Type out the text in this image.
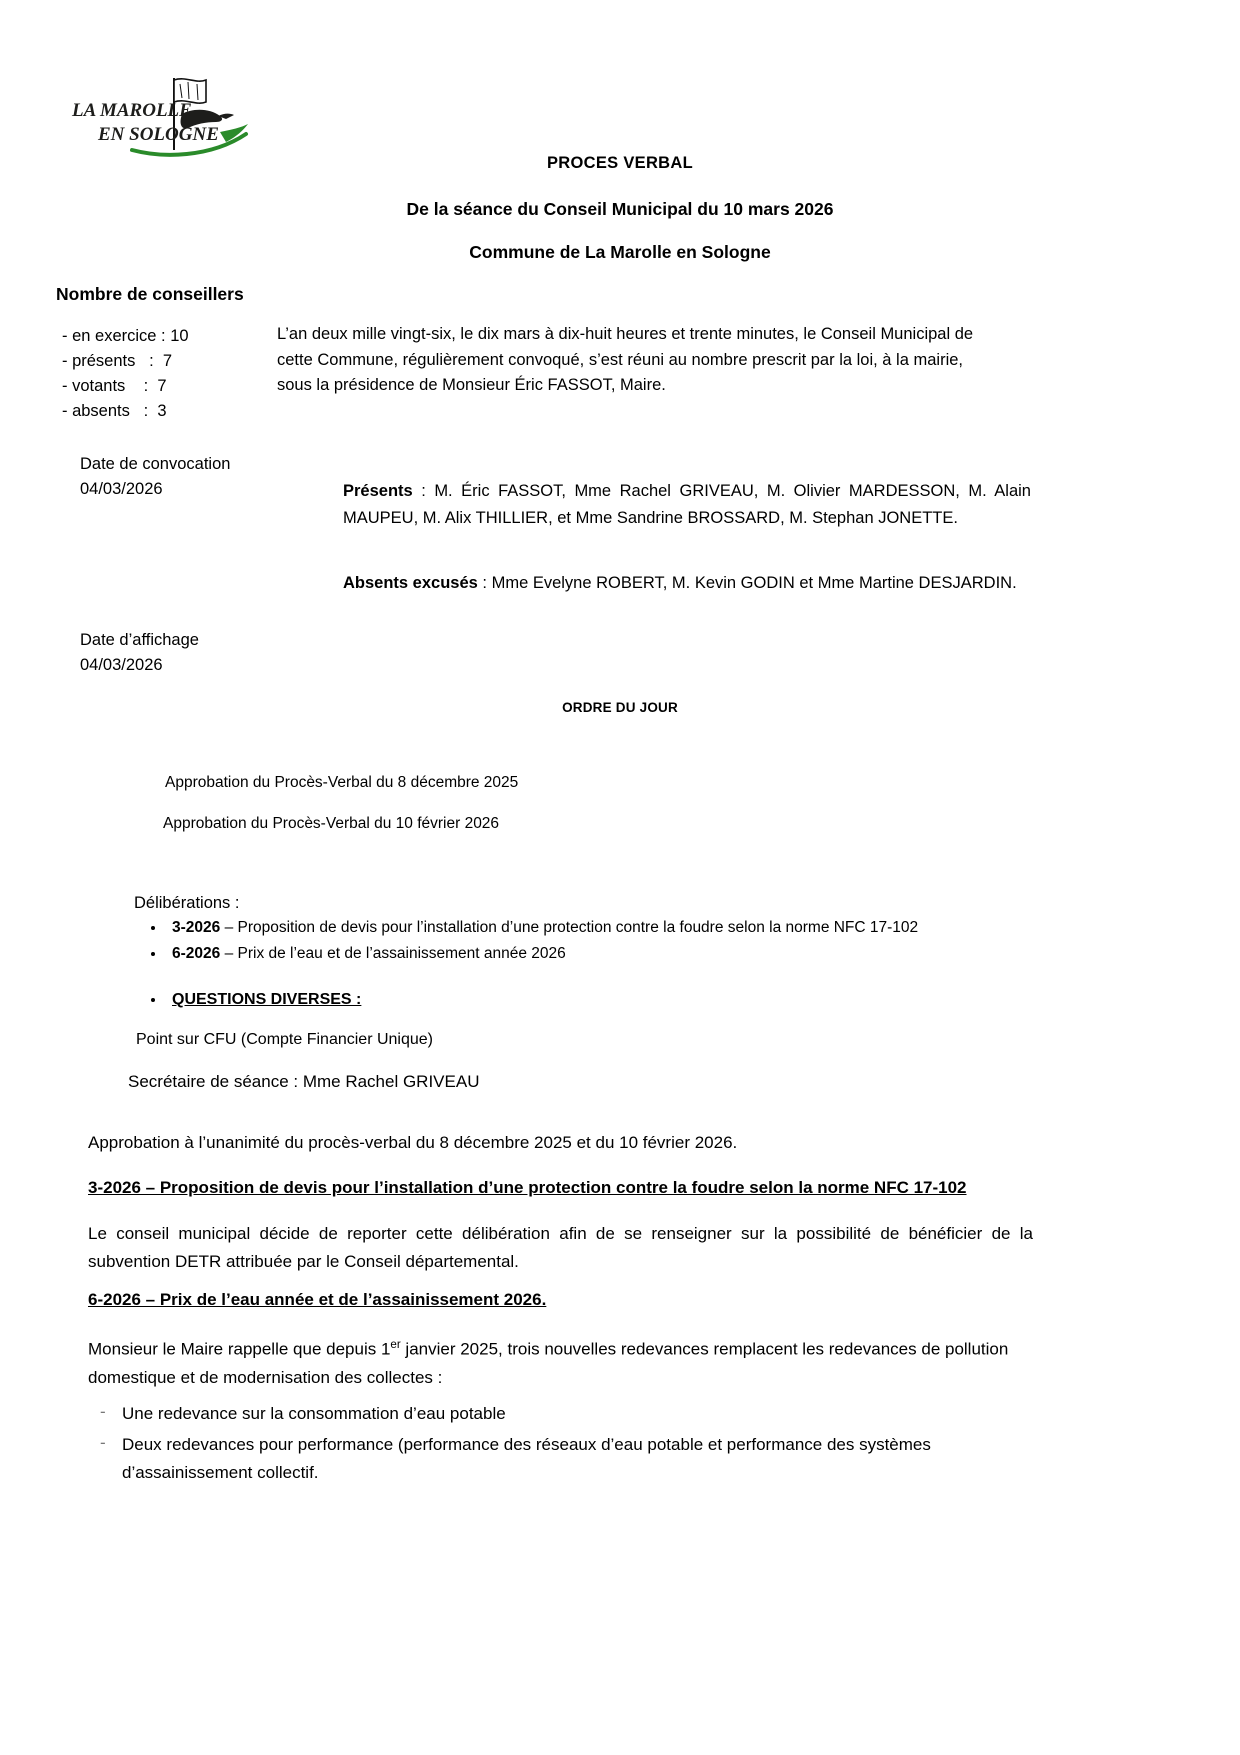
LA MAROLLE
EN SOLOGNE
PROCES VERBAL
De la séance du Conseil Municipal du 10 mars 2026
Commune de La Marolle en Sologne
Nombre de conseillers
- en exercice : 10
- présents   :  7
- votants    :  7
- absents   :  3
Date de convocation
04/03/2026
Date d’affichage
04/03/2026
L’an deux mille vingt-six, le dix mars à dix-huit heures et trente minutes, le Conseil Municipal de cette Commune, régulièrement convoqué, s’est réuni au nombre prescrit par la loi, à la mairie, sous la présidence de Monsieur Éric FASSOT, Maire.
Présents : M. Éric FASSOT, Mme Rachel GRIVEAU, M. Olivier MARDESSON, M. Alain MAUPEU, M. Alix THILLIER, et Mme Sandrine BROSSARD, M. Stephan JONETTE.
Absents excusés : Mme Evelyne ROBERT, M. Kevin GODIN et Mme Martine DESJARDIN.
ORDRE DU JOUR
Approbation du Procès-Verbal du 8 décembre 2025
Approbation du Procès-Verbal du 10 février 2026
Délibérations :
• 3-2026 – Proposition de devis pour l’installation d’une protection contre la foudre selon la norme NFC 17-102
• 6-2026 – Prix de l’eau et de l’assainissement année 2026
• QUESTIONS DIVERSES :
Point sur CFU (Compte Financier Unique)
Secrétaire de séance : Mme Rachel GRIVEAU
Approbation à l’unanimité du procès-verbal du 8 décembre 2025 et du 10 février 2026.
3-2026 – Proposition de devis pour l’installation d’une protection contre la foudre selon la norme NFC 17-102
Le conseil municipal décide de reporter cette délibération afin de se renseigner sur la possibilité de bénéficier de la subvention DETR attribuée par le Conseil départemental.
6-2026 – Prix de l’eau année et de l’assainissement 2026.
Monsieur le Maire rappelle que depuis 1er janvier 2025, trois nouvelles redevances remplacent les redevances de pollution domestique et de modernisation des collectes :
- Une redevance sur la consommation d’eau potable
- Deux redevances pour performance (performance des réseaux d’eau potable et performance des systèmes d’assainissement collectif.
